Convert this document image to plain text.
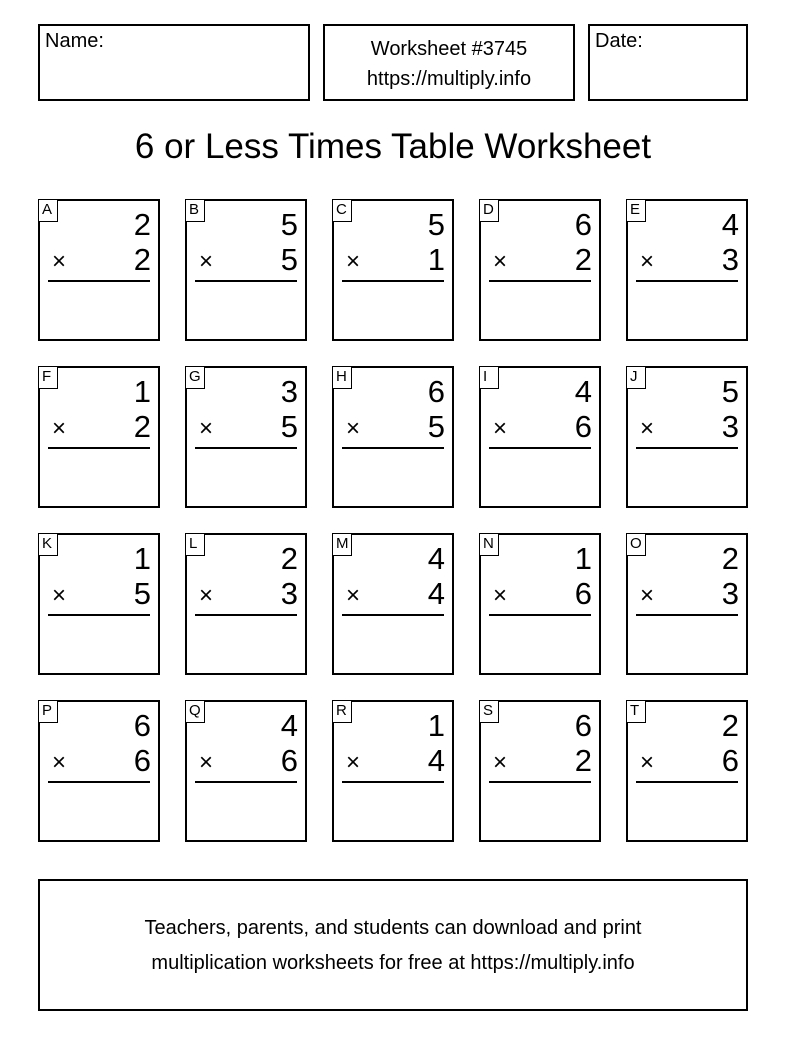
Name:	Worksheet #3745
https://multiply.info
Date:
6 or Less Times Table Worksheet
A	2
× 2
B	5
× 5
C	5
× 1
D	6
× 2
E	4
× 3
F	1
× 2
G	3
× 5
H	6
× 5
I	4
× 6
J	5
× 3
K	1
× 5
L	2
× 3
M	4
× 4
N	1
× 6
O	2
× 3
P	6
× 6
Q	4
× 6
R	1
× 4
S	6
× 2
T	2
× 6
Teachers, parents, and students can download and print
multiplication worksheets for free at https://multiply.info
